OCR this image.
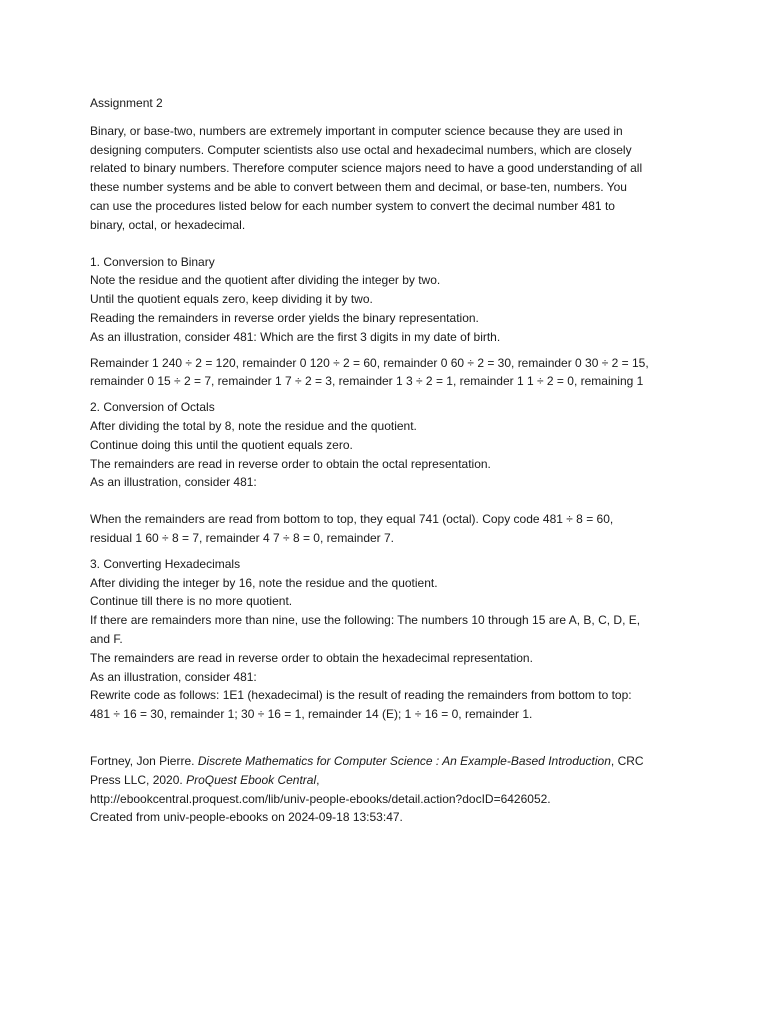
Assignment 2
Binary, or base-two, numbers are extremely important in computer science because they are used in
designing computers. Computer scientists also use octal and hexadecimal numbers, which are closely
related to binary numbers. Therefore computer science majors need to have a good understanding of all
these number systems and be able to convert between them and decimal, or base-ten, numbers. You
can use the procedures listed below for each number system to convert the decimal number 481 to
binary, octal, or hexadecimal.
1. Conversion to Binary
Note the residue and the quotient after dividing the integer by two.
Until the quotient equals zero, keep dividing it by two.
Reading the remainders in reverse order yields the binary representation.
As an illustration, consider 481: Which are the first 3 digits in my date of birth.
Remainder 1 240 ÷ 2 = 120, remainder 0 120 ÷ 2 = 60, remainder 0 60 ÷ 2 = 30, remainder 0 30 ÷ 2 = 15,
remainder 0 15 ÷ 2 = 7, remainder 1 7 ÷ 2 = 3, remainder 1 3 ÷ 2 = 1, remainder 1 1 ÷ 2 = 0, remaining 1
2. Conversion of Octals
After dividing the total by 8, note the residue and the quotient.
Continue doing this until the quotient equals zero.
The remainders are read in reverse order to obtain the octal representation.
As an illustration, consider 481:
When the remainders are read from bottom to top, they equal 741 (octal). Copy code 481 ÷ 8 = 60,
residual 1 60 ÷ 8 = 7, remainder 4 7 ÷ 8 = 0, remainder 7.
3. Converting Hexadecimals
After dividing the integer by 16, note the residue and the quotient.
Continue till there is no more quotient.
If there are remainders more than nine, use the following: The numbers 10 through 15 are A, B, C, D, E,
and F.
The remainders are read in reverse order to obtain the hexadecimal representation.
As an illustration, consider 481:
Rewrite code as follows: 1E1 (hexadecimal) is the result of reading the remainders from bottom to top:
481 ÷ 16 = 30, remainder 1; 30 ÷ 16 = 1, remainder 14 (E); 1 ÷ 16 = 0, remainder 1.
Fortney, Jon Pierre. Discrete Mathematics for Computer Science : An Example-Based Introduction, CRC
Press LLC, 2020. ProQuest Ebook Central,
http://ebookcentral.proquest.com/lib/univ-people-ebooks/detail.action?docID=6426052.
Created from univ-people-ebooks on 2024-09-18 13:53:47.
